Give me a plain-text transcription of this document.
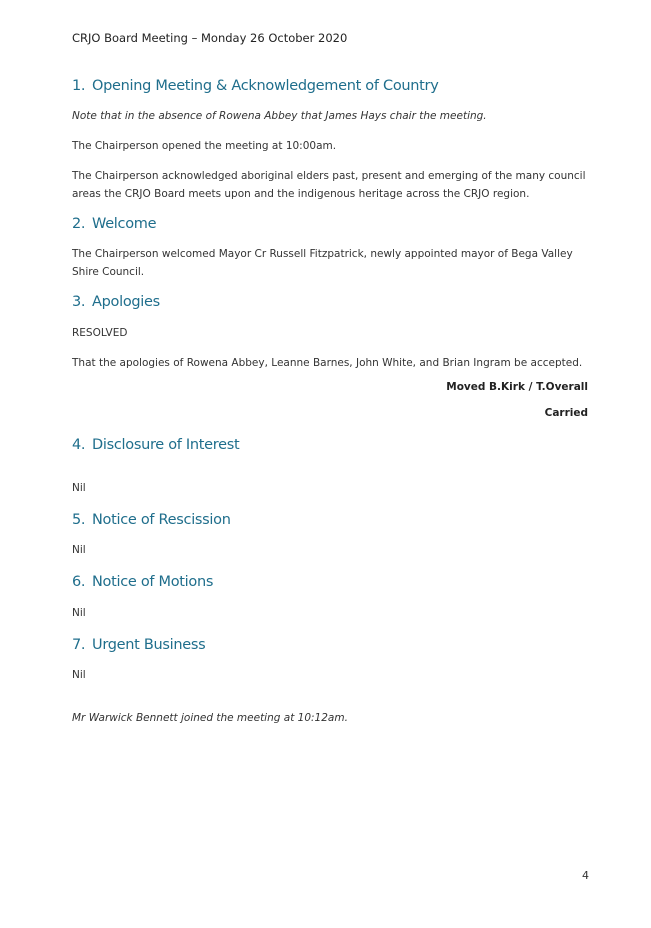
CRJO Board Meeting – Monday 26 October 2020
1. Opening Meeting & Acknowledgement of Country
Note that in the absence of Rowena Abbey that James Hays chair the meeting.
The Chairperson opened the meeting at 10:00am.
The Chairperson acknowledged aboriginal elders past, present and emerging of the many council areas the CRJO Board meets upon and the indigenous heritage across the CRJO region.
2. Welcome
The Chairperson welcomed Mayor Cr Russell Fitzpatrick, newly appointed mayor of Bega Valley Shire Council.
3. Apologies
RESOLVED
That the apologies of Rowena Abbey, Leanne Barnes, John White, and Brian Ingram be accepted.
Moved B.Kirk / T.Overall
Carried
4. Disclosure of Interest
Nil
5. Notice of Rescission
Nil
6. Notice of Motions
Nil
7. Urgent Business
Nil
Mr Warwick Bennett joined the meeting at 10:12am.
4
